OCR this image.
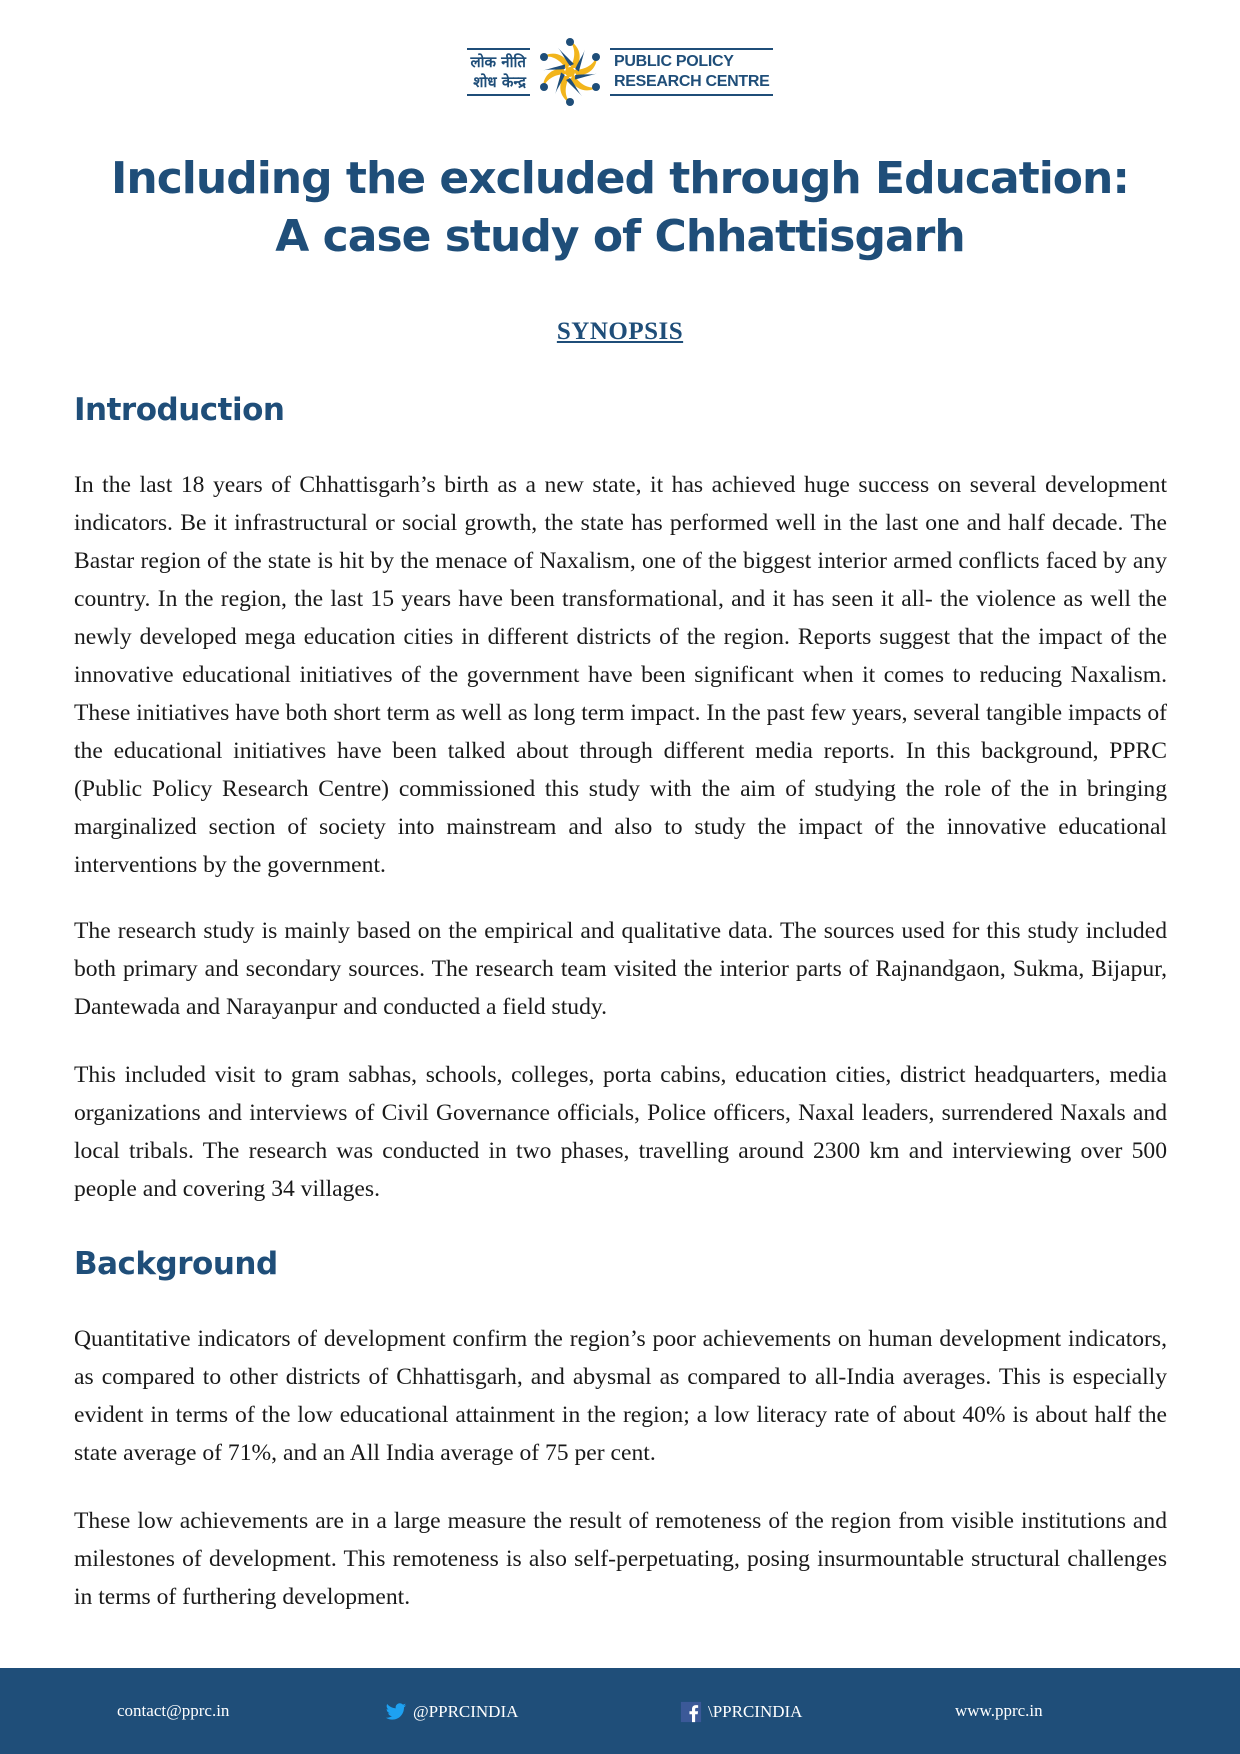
लोक नीति
शोध केन्द्र
PUBLIC POLICY
RESEARCH CENTRE
Including the excluded through Education:
A case study of Chhattisgarh
SYNOPSIS
Introduction

In the last 18 years of Chhattisgarh’s birth as a new state, it has achieved huge success on several development indicators. Be it infrastructural or social growth, the state has performed well in the last one and half decade. The Bastar region of the state is hit by the menace of Naxalism, one of the biggest interior armed conflicts faced by any country. In the region, the last 15 years have been transformational, and it has seen it all- the violence as well the newly developed mega education cities in different districts of the region. Reports suggest that the impact of the innovative educational initiatives of the government have been significant when it comes to reducing Naxalism. These initiatives have both short term as well as long term impact. In the past few years, several tangible impacts of the educational initiatives have been talked about through different media reports. In this background, PPRC (Public Policy Research Centre) commissioned this study with the aim of studying the role of the in bringing marginalized section of society into mainstream and also to study the impact of the innovative educational interventions by the government.

The research study is mainly based on the empirical and qualitative data. The sources used for this study included both primary and secondary sources. The research team visited the interior parts of Rajnandgaon, Sukma, Bijapur, Dantewada and Narayanpur and conducted a field study.

This included visit to gram sabhas, schools, colleges, porta cabins, education cities, district headquarters, media organizations and interviews of Civil Governance officials, Police officers, Naxal leaders, surrendered Naxals and local tribals. The research was conducted in two phases, travelling around 2300 km and interviewing over 500 people and covering 34 villages.

Background

Quantitative indicators of development confirm the region’s poor achievements on human development indicators, as compared to other districts of Chhattisgarh, and abysmal as compared to all-India averages. This is especially evident in terms of the low educational attainment in the region; a low literacy rate of about 40% is about half the state average of 71%, and an All India average of 75 per cent.

These low achievements are in a large measure the result of remoteness of the region from visible institutions and milestones of development. This remoteness is also self-perpetuating, posing insurmountable structural challenges in terms of furthering development.

contact@pprc.in	@PPRCINDIA	\PPRCINDIA	www.pprc.in
